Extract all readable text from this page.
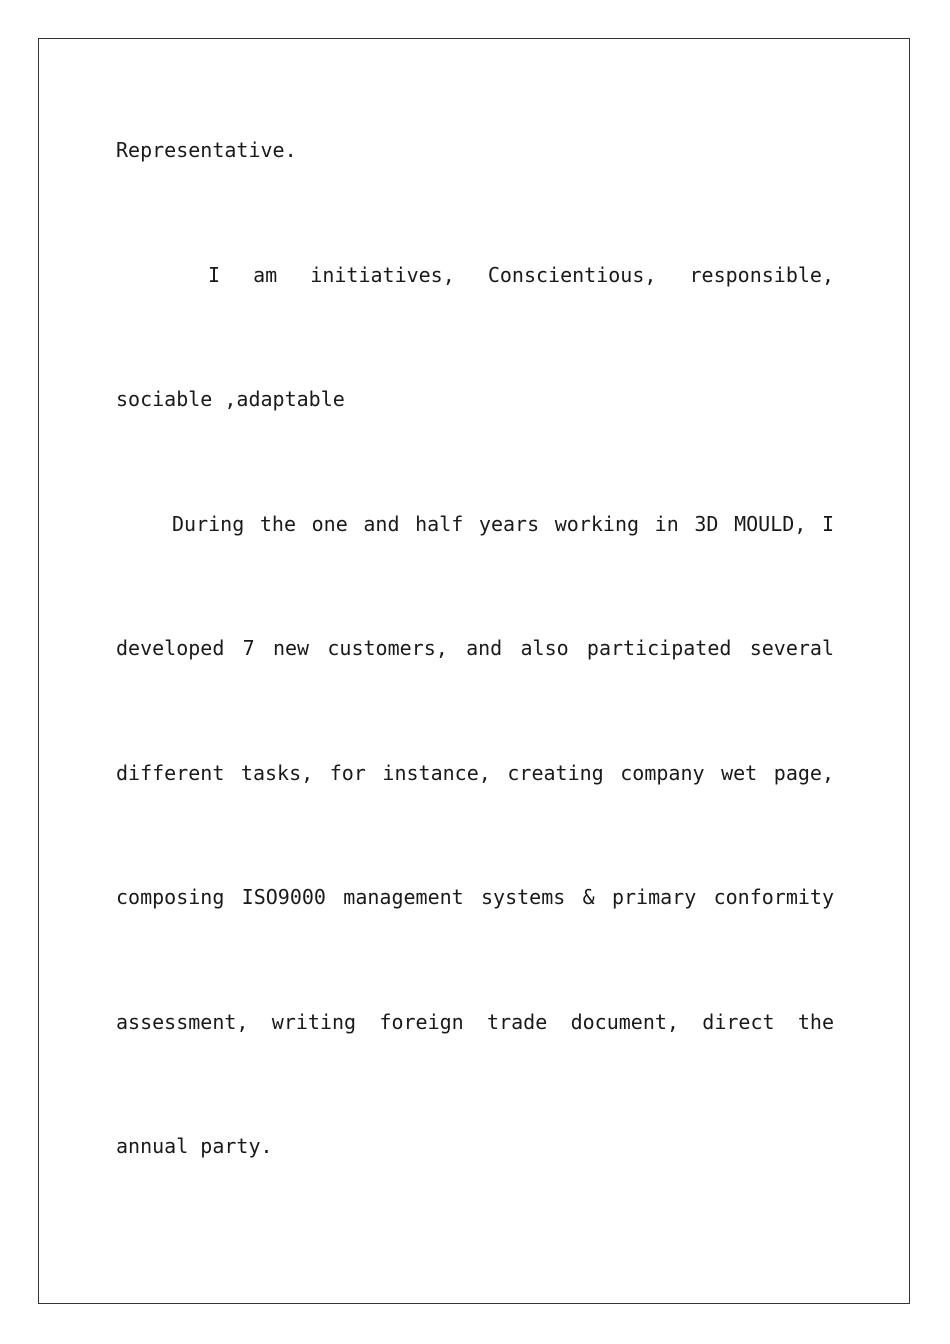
Representative.
I am initiatives, Conscientious, responsible,
sociable ,adaptable
During the one and half years working in 3D MOULD, I
developed 7 new customers, and also participated several
different tasks, for instance, creating company wet page,
composing ISO9000 management systems & primary conformity
assessment, writing foreign trade document, direct the
annual party.
